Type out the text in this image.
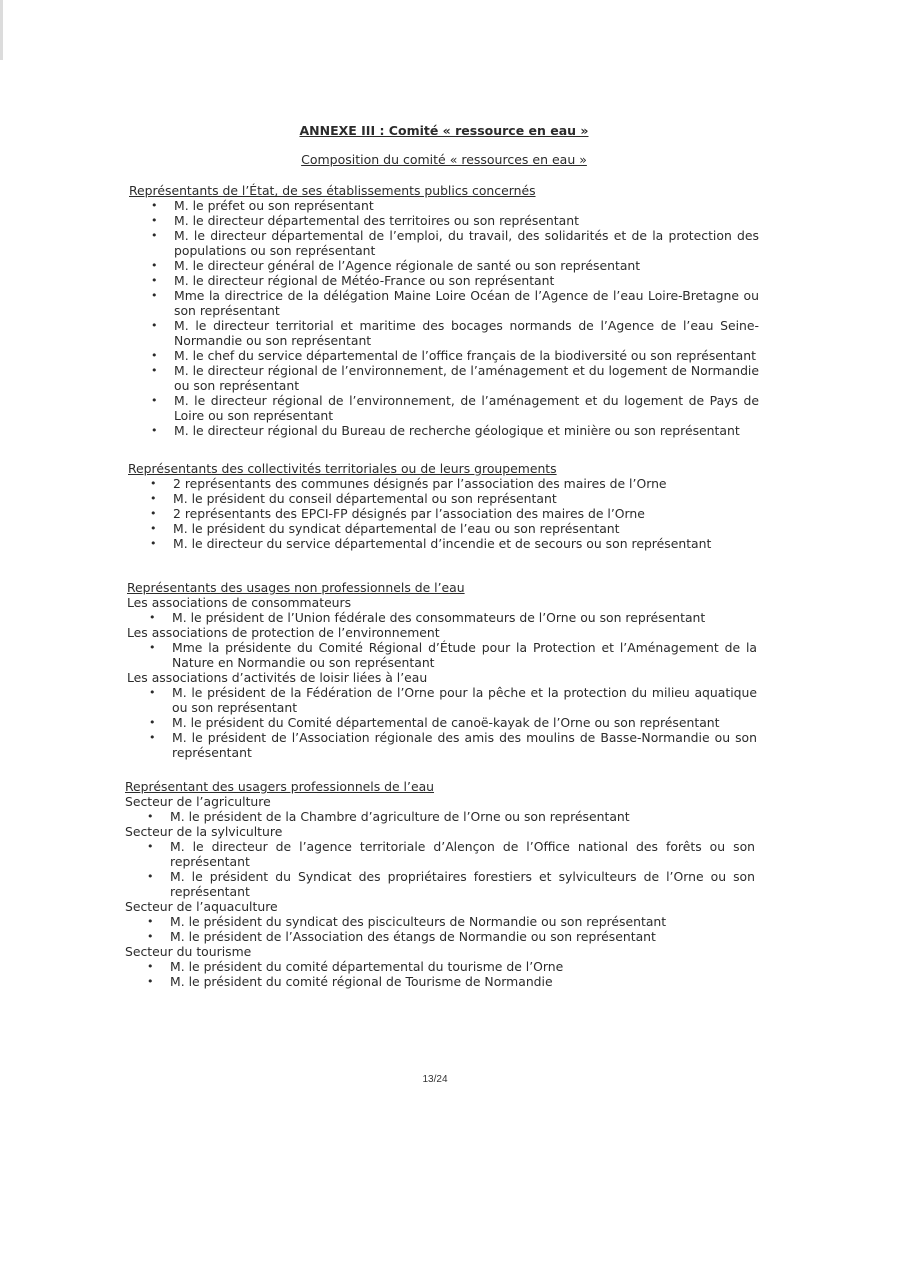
ANNEXE III : Comité « ressource en eau »
Composition du comité « ressources en eau »

Représentants de l’État, de ses établissements publics concernés

• M. le préfet ou son représentant
• M. le directeur départemental des territoires ou son représentant
• M. le directeur départemental de l’emploi, du travail, des solidarités et de la protection des populations ou son représentant
• M. le directeur général de l’Agence régionale de santé ou son représentant
• M. le directeur régional de Météo-France ou son représentant
• Mme la directrice de la délégation Maine Loire Océan de l’Agence de l’eau Loire-Bretagne ou son représentant
• M. le directeur territorial et maritime des bocages normands de l’Agence de l’eau Seine-Normandie ou son représentant
• M. le chef du service départemental de l’office français de la biodiversité ou son représentant
• M. le directeur régional de l’environnement, de l’aménagement et du logement de Normandie ou son représentant
• M. le directeur régional de l’environnement, de l’aménagement et du logement de Pays de Loire ou son représentant
• M. le directeur régional du Bureau de recherche géologique et minière ou son représentant

Représentants des collectivités territoriales ou de leurs groupements

• 2 représentants des communes désignés par l’association des maires de l’Orne
• M. le président du conseil départemental ou son représentant
• 2 représentants des EPCI-FP désignés par l’association des maires de l’Orne
• M. le président du syndicat départemental de l’eau ou son représentant
• M. le directeur du service départemental d’incendie et de secours ou son représentant

Représentants des usages non professionnels de l’eau

Les associations de consommateurs

• M. le président de l’Union fédérale des consommateurs de l’Orne ou son représentant

Les associations de protection de l’environnement

• Mme la présidente du Comité Régional d’Étude pour la Protection et l’Aménagement de la Nature en Normandie ou son représentant

Les associations d’activités de loisir liées à l’eau

• M. le président de la Fédération de l’Orne pour la pêche et la protection du milieu aquatique ou son représentant
• M. le président du Comité départemental de canoë-kayak de l’Orne ou son représentant
• M. le président de l’Association régionale des amis des moulins de Basse-Normandie ou son représentant

Représentant des usagers professionnels de l’eau

Secteur de l’agriculture

• M. le président de la Chambre d’agriculture de l’Orne ou son représentant

Secteur de la sylviculture

• M. le directeur de l’agence territoriale d’Alençon de l’Office national des forêts ou son représentant
• M. le président du Syndicat des propriétaires forestiers et sylviculteurs de l’Orne ou son représentant

Secteur de l’aquaculture

• M. le président du syndicat des pisciculteurs de Normandie ou son représentant
• M. le président de l’Association des étangs de Normandie ou son représentant

Secteur du tourisme

• M. le président du comité départemental du tourisme de l’Orne
• M. le président du comité régional de Tourisme de Normandie
13/24
